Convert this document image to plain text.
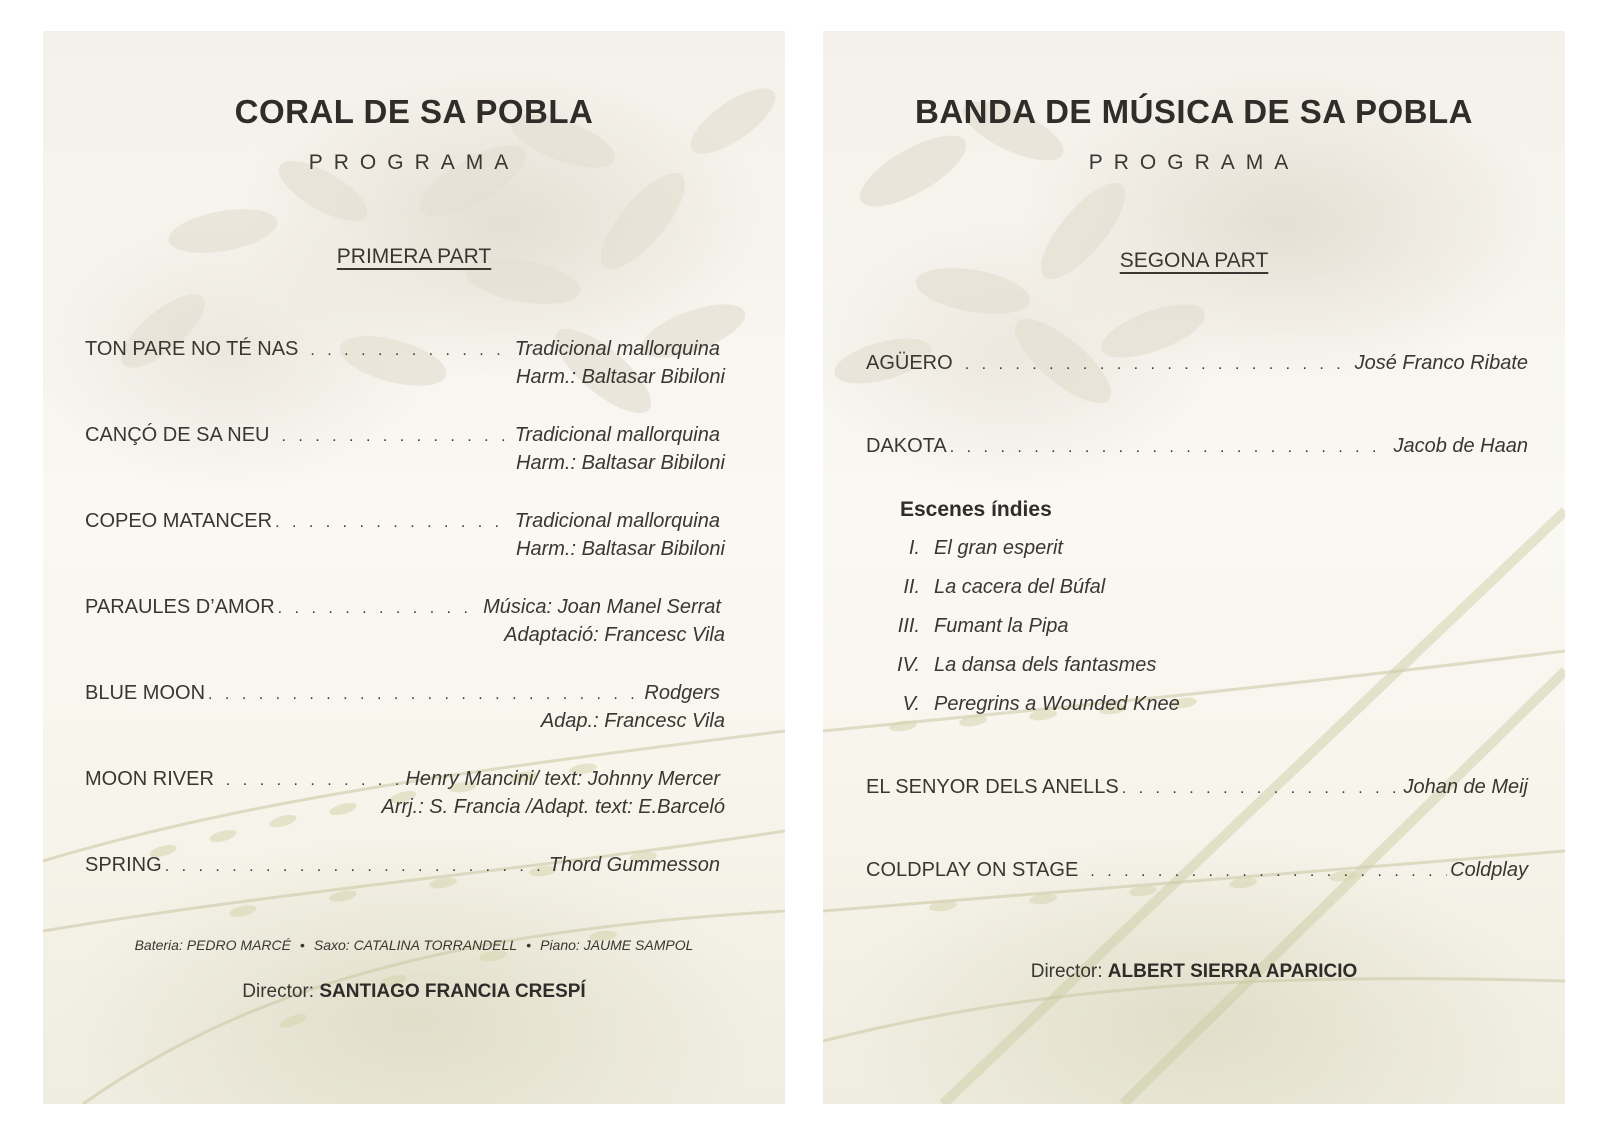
CORAL DE SA POBLA
PROGRAMA
PRIMERA PART
TON PARE NO TÉ NAS . . .	Tradicional mallorquina
Harm.: Baltasar Bibiloni
CANÇÓ DE SA NEU . . .	Tradicional mallorquina
Harm.: Baltasar Bibiloni
COPEO MATANCER . . .	Tradicional mallorquina
Harm.: Baltasar Bibiloni
PARAULES D’AMOR . . .	Música: Joan Manel Serrat
Adaptació: Francesc Vila
BLUE MOON . . .	Rodgers
Adap.: Francesc Vila
MOON RIVER . . .	Henry Mancini/ text: Johnny Mercer
Arrj.: S. Francia /Adapt. text: E.Barceló
SPRING . . .	Thord Gummesson
Bateria: PEDRO MARCÉ • Saxo: CATALINA TORRANDELL • Piano: JAUME SAMPOL
Director: SANTIAGO FRANCIA CRESPÍ
BANDA DE MÚSICA DE SA POBLA
PROGRAMA
SEGONA PART
AGÜERO . . .	José Franco Ribate
DAKOTA . . .	Jacob de Haan
Escenes índies
I. El gran esperit
II. La cacera del Búfal
III. Fumant la Pipa
IV. La dansa dels fantasmes
V. Peregrins a Wounded Knee
EL SENYOR DELS ANELLS . . .	Johan de Meij
COLDPLAY ON STAGE . . .	Coldplay
Director: ALBERT SIERRA APARICIO
